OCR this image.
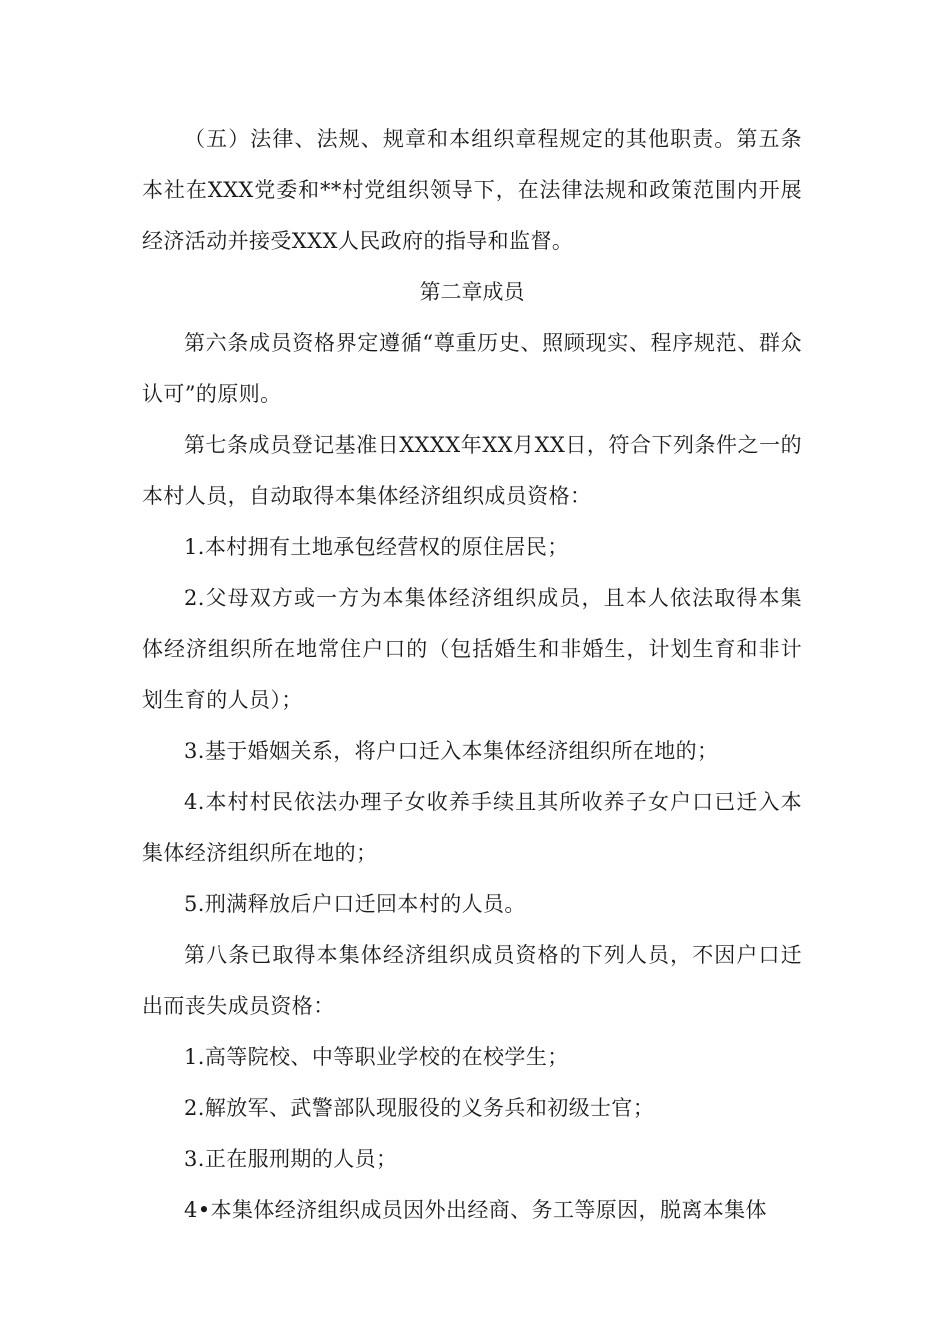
（五）法律、法规、规章和本组织章程规定的其他职责。第五条本社在XXX党委和**村党组织领导下，在法律法规和政策范围内开展经济活动并接受XXX人民政府的指导和监督。

第二章成员

第六条成员资格界定遵循“尊重历史、照顾现实、程序规范、群众认可”的原则。

第七条成员登记基准日XXXX年XX月XX日，符合下列条件之一的本村人员，自动取得本集体经济组织成员资格：

1.本村拥有土地承包经营权的原住居民；

2.父母双方或一方为本集体经济组织成员，且本人依法取得本集体经济组织所在地常住户口的（包括婚生和非婚生，计划生育和非计划生育的人员）；

3.基于婚姻关系，将户口迁入本集体经济组织所在地的；

4.本村村民依法办理子女收养手续且其所收养子女户口已迁入本集体经济组织所在地的；

5.刑满释放后户口迁回本村的人员。

第八条已取得本集体经济组织成员资格的下列人员，不因户口迁出而丧失成员资格：

1.高等院校、中等职业学校的在校学生；

2.解放军、武警部队现服役的义务兵和初级士官；

3.正在服刑期的人员；

4•本集体经济组织成员因外出经商、务工等原因，脱离本集体
